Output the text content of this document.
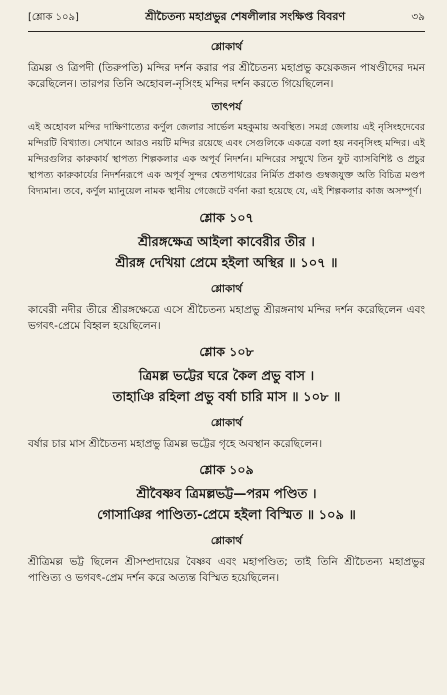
[শ্লোক ১০৯]	শ্রীচৈতন্য মহাপ্রভুর শেষলীলার সংক্ষিপ্ত বিবরণ	৩৯
শ্লোকার্থ

ত্রিমল্ল ও ত্রিপদী (তিরুপতি) মন্দির দর্শন করার পর শ্রীচৈতন্য মহাপ্রভু কয়েকজন পাষণ্ডীদের দমন করেছিলেন। তারপর তিনি অহোবল-নৃসিংহ মন্দির দর্শন করতে গিয়েছিলেন।

তাৎপর্য

এই অহোবল মন্দির দাক্ষিণাত্যের কর্ণুল জেলার সার্ভেল মহকুমায় অবস্থিত। সমগ্র জেলায় এই নৃসিংহদেবের মন্দিরটি বিখ্যাত। সেখানে আরও নয়টি মন্দির রয়েছে এবং সেগুলিকে একত্রে বলা হয় নবনৃসিংহ মন্দির। এই মন্দিরগুলির কারুকার্য স্থাপত্য শিল্পকলার এক অপূর্ব নিদর্শন। মন্দিরের সম্মুখে তিন ফুট ব্যাসবিশিষ্ট ও প্রচুর স্থাপত্য কারুকার্যের নিদর্শনরূপে এক অপূর্ব সুন্দর শ্বেতপাথরের নির্মিত প্রকাণ্ড গুম্বজযুক্ত অতি বিচিত্র মণ্ডপ বিদ্যমান। তবে, কর্ণুল ম্যানুয়েল নামক স্থানীয় গেজেটে বর্ণনা করা হয়েছে যে, এই শিল্পকলার কাজ অসম্পূর্ণ।

শ্লোক ১০৭

শ্রীরঙ্গক্ষেত্র আইলা কাবেরীর তীর ।

শ্রীরঙ্গ দেখিয়া প্রেমে হইলা অস্থির ॥ ১০৭ ॥

শ্লোকার্থ

কাবেরী নদীর তীরে শ্রীরঙ্গক্ষেত্রে এসে শ্রীচৈতন্য মহাপ্রভু শ্রীরঙ্গনাথ মন্দির দর্শন করেছিলেন এবং ভগবৎ-প্রেমে বিহ্বল হয়েছিলেন।

শ্লোক ১০৮

ত্রিমল্ল ভট্টের ঘরে কৈল প্রভু বাস ।

তাহাঞি রহিলা প্রভু বর্ষা চারি মাস ॥ ১০৮ ॥

শ্লোকার্থ

বর্ষার চার মাস শ্রীচৈতন্য মহাপ্রভু ত্রিমল্ল ভট্টের গৃহে অবস্থান করেছিলেন।

শ্লোক ১০৯

শ্রীবৈষ্ণব ত্রিমল্লভট্ট—পরম পণ্ডিত ।

গোসাঞির পাণ্ডিত্য-প্রেমে হইলা বিস্মিত ॥ ১০৯ ॥

শ্লোকার্থ

শ্রীত্রিমল্ল ভট্ট ছিলেন শ্রীসম্প্রদায়ের বৈষ্ণব এবং মহাপণ্ডিত; তাই তিনি শ্রীচৈতন্য মহাপ্রভুর পাণ্ডিত্য ও ভগবৎ-প্রেম দর্শন করে অত্যন্ত বিস্মিত হয়েছিলেন।
